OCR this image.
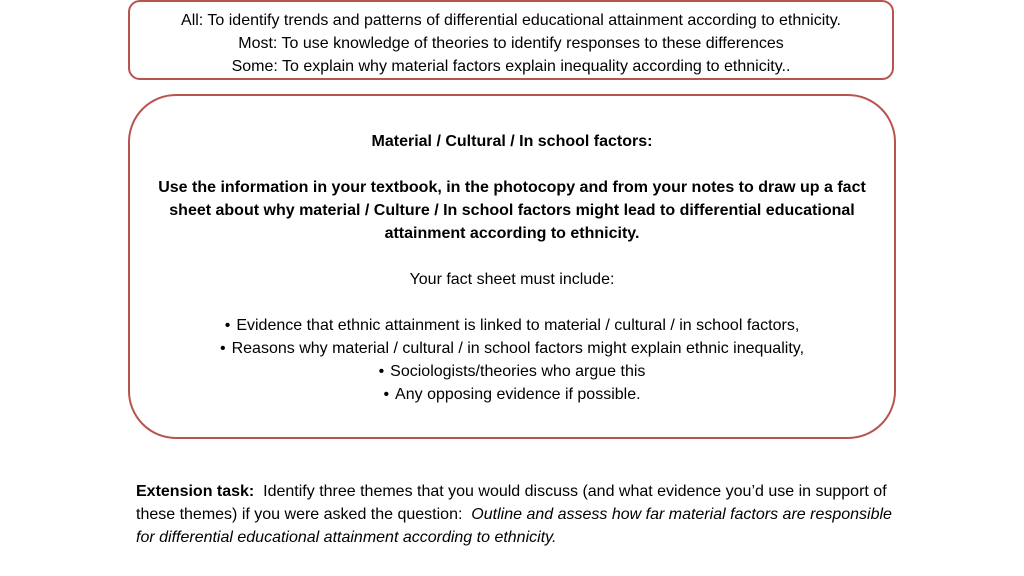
All: To identify trends and patterns of differential educational attainment according to ethnicity.
Most: To use knowledge of theories to identify responses to these differences
Some: To explain why material factors explain inequality according to ethnicity..
Material / Cultural / In school factors:
Use the information in your textbook, in the photocopy and from your notes to draw up a fact sheet about why material / Culture / In school factors might lead to differential educational attainment according to ethnicity.
Your fact sheet must include:
• Evidence that ethnic attainment is linked to material / cultural / in school factors,
• Reasons why material / cultural / in school factors might explain ethnic inequality,
• Sociologists/theories who argue this
• Any opposing evidence if possible.
Extension task: Identify three themes that you would discuss (and what evidence you’d use in support of these themes) if you were asked the question: Outline and assess how far material factors are responsible for differential educational attainment according to ethnicity.
